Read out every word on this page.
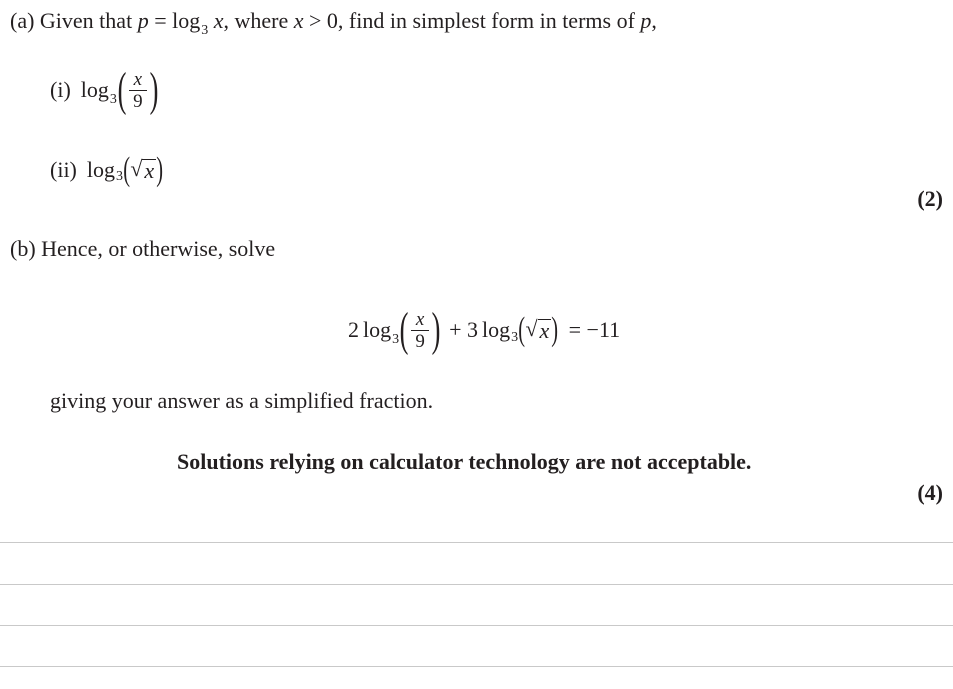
(a) Given that $p = \log_3 x$, where x > 0, find in simplest form in terms of p,
(i) log 3 ( $\frac{x}{9}$ )
(ii) log 3 ( √ x )
(2)
(b) Hence, or otherwise, solve
2 log 3 ( $\frac{x}{9}$ ) + 3 log 3 ( √ x ) = −11
giving your answer as a simplified fraction.
Solutions relying on calculator technology are not acceptable.
(4)
